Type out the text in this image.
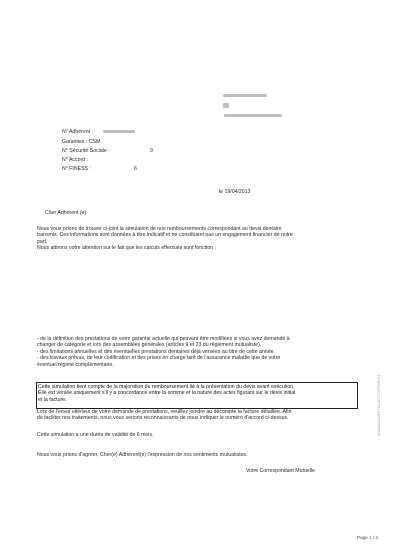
N° Adhérent :
Garanties : CSM
N° Sécurité Sociale :	9
N° Accord :
N° FINESS :	6
le 19/04/2013
Cher Adhérent (e)
Nous vous prions de trouver ci-joint la simulation de nos remboursements correspondant au devis dentaire
transmis. Ces informations sont données à titre indicatif et ne constituent pas un engagement financier de notre
part.
Nous attirons votre attention sur le fait que les calculs effectués sont fonction :
- de la définition des prestations de votre garantie actuelle qui peuvent être modifiées si vous avez demandé à
changer de catégorie et lors des assemblées générales (articles 9 et 23 du règlement mutualiste).
- des limitations annuelles et des éventuelles prestations dentaires déjà versées au titre de cette année.
- des travaux prévus, de leur codification et des prises en charge tant de l'assurance maladie que de votre
éventuel régime complémentaire.
Cette simulation tient compte de la majoration du remboursement lié à la présentation du devis avant exécution.
Elle est versée uniquement s'il y a concordance entre la somme et la nature des actes figurant sur le devis initial
et la facture.
Lors de l'envoi ultérieur de votre demande de prestations, veuillez joindre au décompte la facture détaillée. Afin
de faciliter nos traitements, nous vous serions reconnaissants de nous indiquer le numéro d'accord ci-dessus.
Cette simulation a une durée de validité de 6 mois.
Nous vous prions d'agréer, Cher(e) Adhérent(e) l'expression de nos sentiments mutualistes.
Votre Correspondant Mutuelle
0000001086791001706795/01
Page 1 / 2
